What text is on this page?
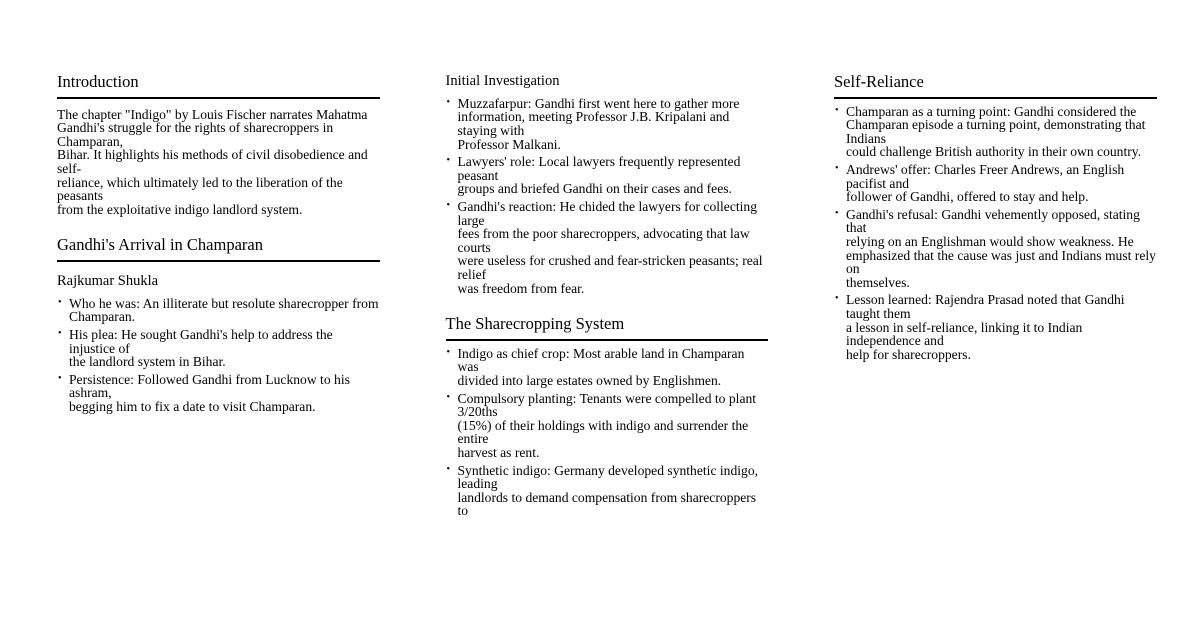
Introduction

The chapter "Indigo" by Louis Fischer narrates Mahatma
Gandhi's struggle for the rights of sharecroppers in Champaran,
Bihar. It highlights his methods of civil disobedience and self-
reliance, which ultimately led to the liberation of the peasants
from the exploitative indigo landlord system.

Gandhi's Arrival in Champaran
Rajkumar Shukla
• Who he was: An illiterate but resolute sharecropper from
Champaran.
• His plea: He sought Gandhi's help to address the injustice of
the landlord system in Bihar.
• Persistence: Followed Gandhi from Lucknow to his ashram,
begging him to fix a date to visit Champaran.
Initial Investigation
• Muzzafarpur: Gandhi first went here to gather more
information, meeting Professor J.B. Kripalani and staying with
Professor Malkani.
• Lawyers' role: Local lawyers frequently represented peasant
groups and briefed Gandhi on their cases and fees.
• Gandhi's reaction: He chided the lawyers for collecting large
fees from the poor sharecroppers, advocating that law courts
were useless for crushed and fear-stricken peasants; real relief
was freedom from fear.
The Sharecropping System
• Indigo as chief crop: Most arable land in Champaran was
divided into large estates owned by Englishmen.
• Compulsory planting: Tenants were compelled to plant 3/20ths
(15%) of their holdings with indigo and surrender the entire
harvest as rent.
• Synthetic indigo: Germany developed synthetic indigo, leading
landlords to demand compensation from sharecroppers to
Self-Reliance
• Champaran as a turning point: Gandhi considered the
Champaran episode a turning point, demonstrating that Indians
could challenge British authority in their own country.
• Andrews' offer: Charles Freer Andrews, an English pacifist and
follower of Gandhi, offered to stay and help.
• Gandhi's refusal: Gandhi vehemently opposed, stating that
relying on an Englishman would show weakness. He
emphasized that the cause was just and Indians must rely on
themselves.
• Lesson learned: Rajendra Prasad noted that Gandhi taught them
a lesson in self-reliance, linking it to Indian independence and
help for sharecroppers.
